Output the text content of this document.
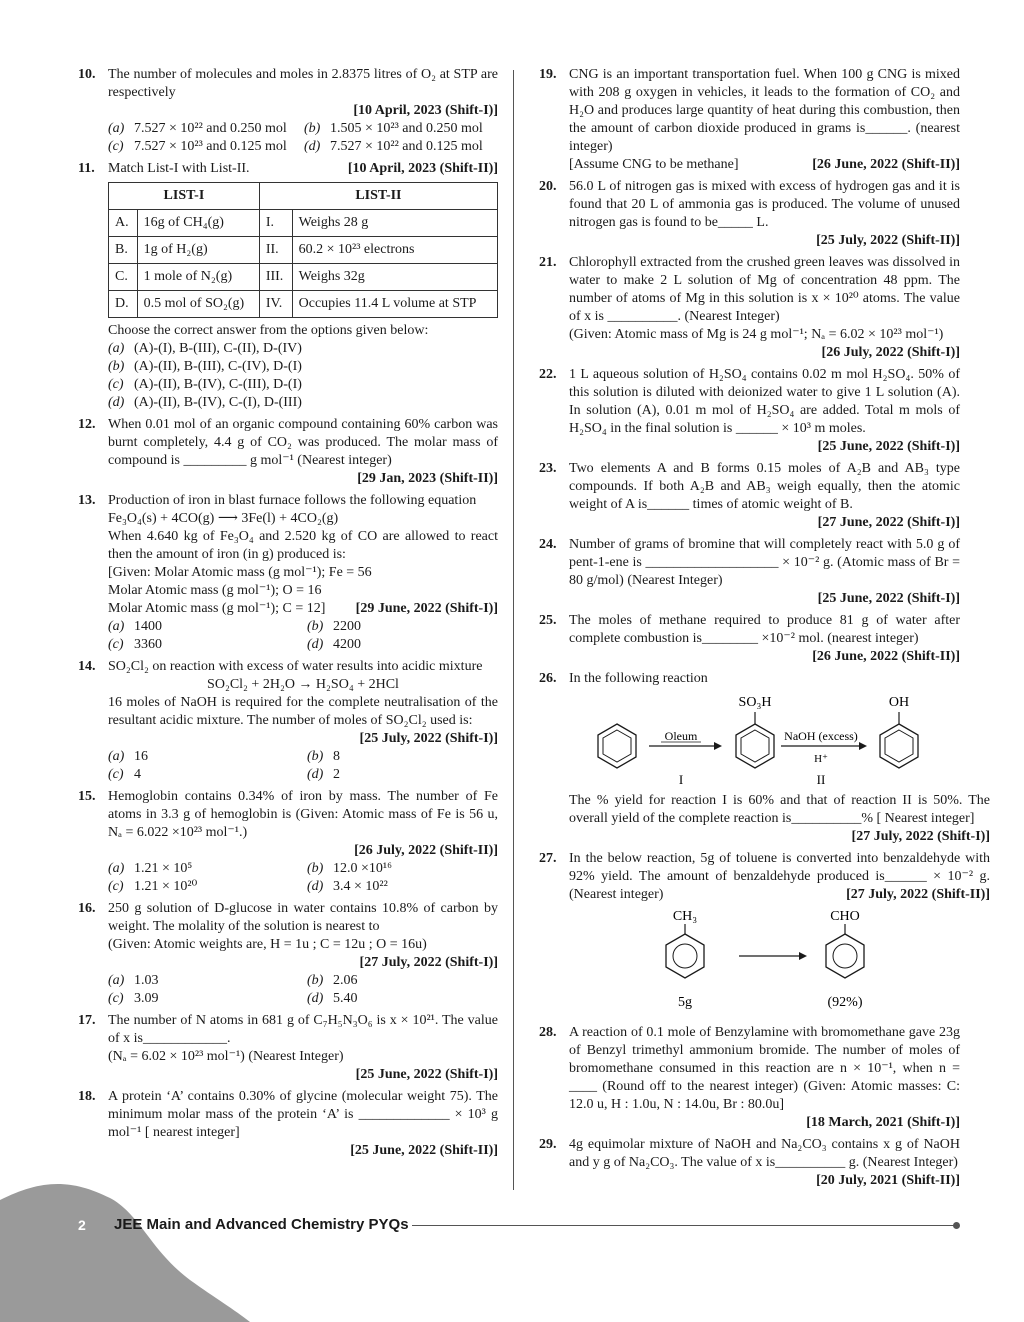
10. The number of molecules and moles in 2.8375 litres of O₂ at STP are respectively
[10 April, 2023 (Shift-I)]
(a) 7.527 × 10²² and 0.250 mol (b) 1.505 × 10²³ and 0.250 mol
(c) 7.527 × 10²³ and 0.125 mol (d) 7.527 × 10²² and 0.125 mol
11. Match List-I with List-II.	[10 April, 2023 (Shift-II)]
LIST-I		LIST-II	
A.	16g of CH₄(g)	I.	Weighs 28 g
B.	1g of H₂(g)	II.	60.2 × 10²³ electrons
C.	1 mole of N₂(g)	III.	Weighs 32g
D.	0.5 mol of SO₂(g)	IV.	Occupies 11.4 L volume at STP
Choose the correct answer from the options given below:
(a) (A)-(I), B-(III), C-(II), D-(IV)
(b) (A)-(II), B-(III), C-(IV), D-(I)
(c) (A)-(II), B-(IV), C-(III), D-(I)
(d) (A)-(II), B-(IV), C-(I), D-(III)
12. When 0.01 mol of an organic compound containing 60% carbon was burnt completely, 4.4 g of CO₂ was produced. The molar mass of compound is _________ g mol⁻¹ (Nearest integer)
[29 Jan, 2023 (Shift-II)]
13. Production of iron in blast furnace follows the following equation
Fe₃O₄(s) + 4CO(g) ⟶ 3Fe(l) + 4CO₂(g)
When 4.640 kg of Fe₃O₄ and 2.520 kg of CO are allowed to react then the amount of iron (in g) produced is:
[Given: Molar Atomic mass (g mol⁻¹); Fe = 56
Molar Atomic mass (g mol⁻¹); O = 16
Molar Atomic mass (g mol⁻¹); C = 12] [29 June, 2022 (Shift-I)]
(a) 1400	(b) 2200
(c) 3360	(d) 4200
14. SO₂Cl₂ on reaction with excess of water results into acidic mixture
SO₂Cl₂ + 2H₂O → H₂SO₄ + 2HCl
16 moles of NaOH is required for the complete neutralisation of the resultant acidic mixture. The number of moles of SO₂Cl₂ used is:
[25 July, 2022 (Shift-I)]
(a) 16	(b) 8
(c) 4	(d) 2
15. Hemoglobin contains 0.34% of iron by mass. The number of Fe atoms in 3.3 g of hemoglobin is (Given: Atomic mass of Fe is 56 u, Nₐ = 6.022 ×10²³ mol⁻¹.)
[26 July, 2022 (Shift-II)]
(a) 1.21 × 10⁵	(b) 12.0 ×10¹⁶
(c) 1.21 × 10²⁰	(d) 3.4 × 10²²
16. 250 g solution of D-glucose in water contains 10.8% of carbon by weight. The molality of the solution is nearest to
(Given: Atomic weights are, H = 1u ; C = 12u ; O = 16u)
[27 July, 2022 (Shift-I)]
(a) 1.03	(b) 2.06
(c) 3.09	(d) 5.40
17. The number of N atoms in 681 g of C₇H₅N₃O₆ is x × 10²¹. The value of x is____________.
(Nₐ = 6.02 × 10²³ mol⁻¹) (Nearest Integer)
[25 June, 2022 (Shift-I)]
18. A protein ‘A’ contains 0.30% of glycine (molecular weight 75). The minimum molar mass of the protein ‘A’ is _____________ × 10³ g mol⁻¹ [ nearest integer]
[25 June, 2022 (Shift-II)]
19. CNG is an important transportation fuel. When 100 g CNG is mixed with 208 g oxygen in vehicles, it leads to the formation of CO₂ and H₂O and produces large quantity of heat during this combustion, then the amount of carbon dioxide produced in grams is______. (nearest integer)
[Assume CNG to be methane]	[26 June, 2022 (Shift-II)]
20. 56.0 L of nitrogen gas is mixed with excess of hydrogen gas and it is found that 20 L of ammonia gas is produced. The volume of unused nitrogen gas is found to be_____ L.
[25 July, 2022 (Shift-II)]
21. Chlorophyll extracted from the crushed green leaves was dissolved in water to make 2 L solution of Mg of concentration 48 ppm. The number of atoms of Mg in this solution is x × 10²⁰ atoms. The value of x is __________. (Nearest Integer)
(Given: Atomic mass of Mg is 24 g mol⁻¹; Nₐ = 6.02 × 10²³ mol⁻¹)
[26 July, 2022 (Shift-I)]
22. 1 L aqueous solution of H₂SO₄ contains 0.02 m mol H₂SO₄. 50% of this solution is diluted with deionized water to give 1 L solution (A). In solution (A), 0.01 m mol of H₂SO₄ are added. Total m mols of H₂SO₄ in the final solution is ______ × 10³ m moles.
[25 June, 2022 (Shift-I)]
23. Two elements A and B forms 0.15 moles of A₂B and AB₃ type compounds. If both A₂B and AB₃ weigh equally, then the atomic weight of A is______ times of atomic weight of B.
[27 June, 2022 (Shift-I)]
24. Number of grams of bromine that will completely react with 5.0 g of pent-1-ene is ___________________ × 10⁻² g. (Atomic mass of Br = 80 g/mol) (Nearest Integer)
[25 June, 2022 (Shift-I)]
25. The moles of methane required to produce 81 g of water after complete combustion is________ ×10⁻² mol. (nearest integer)
[26 June, 2022 (Shift-II)]
26. In the following reaction
Oleum
SO₃H
NaOH (excess)
H⁺
OH
I	II
The % yield for reaction I is 60% and that of reaction II is 50%. The overall yield of the complete reaction is__________% [ Nearest integer]
[27 July, 2022 (Shift-I)]
27. In the below reaction, 5g of toluene is converted into benzaldehyde with 92% yield. The amount of benzaldehyde produced is______ × 10⁻² g. (Nearest integer)	[27 July, 2022 (Shift-II)]
CH₃	CHO
5g	(92%)
28. A reaction of 0.1 mole of Benzylamine with bromomethane gave 23g of Benzyl trimethyl ammonium bromide. The number of moles of bromomethane consumed in this reaction are n × 10⁻¹, when n = ____ (Round off to the nearest integer) (Given: Atomic masses: C: 12.0 u, H : 1.0u, N : 14.0u, Br : 80.0u]
[18 March, 2021 (Shift-I)]
29. 4g equimolar mixture of NaOH and Na₂CO₃ contains x g of NaOH and y g of Na₂CO₃. The value of x is__________ g. (Nearest Integer)
[20 July, 2021 (Shift-II)]
2 JEE Main and Advanced Chemistry PYQs
